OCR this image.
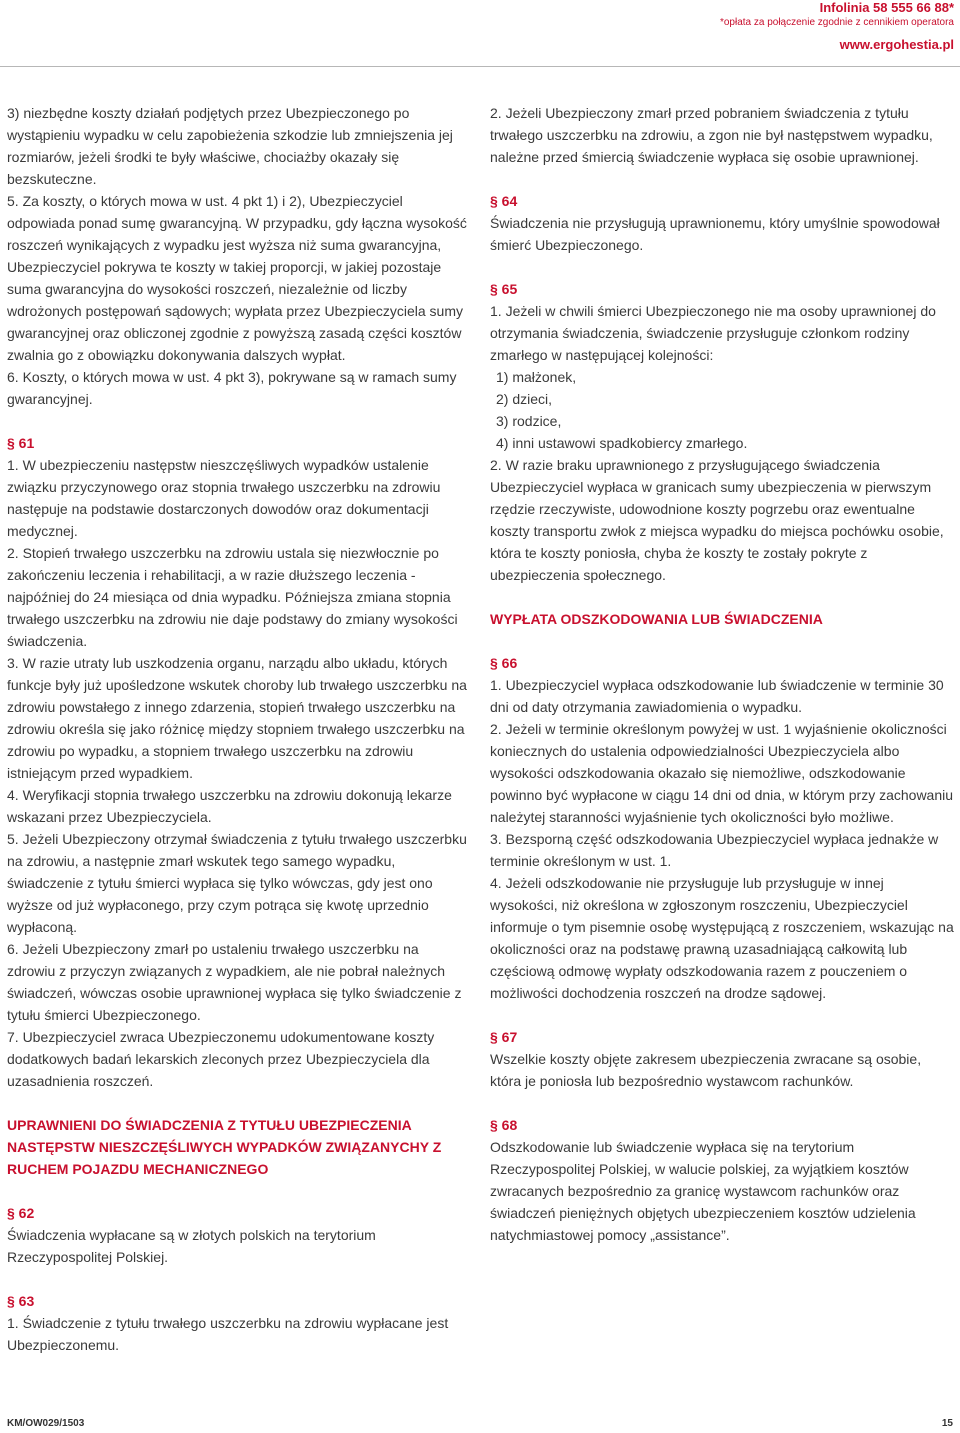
Infolinia 58 555 66 88*
*opłata za połączenie zgodnie z cennikiem operatora
www.ergohestia.pl

3) niezbędne koszty działań podjętych przez Ubezpieczonego po wystąpieniu wypadku w celu zapobieżenia szkodzie lub zmniejszenia jej rozmiarów, jeżeli środki te były właściwe, chociażby okazały się bezskuteczne.

5. Za koszty, o których mowa w ust. 4 pkt 1) i 2), Ubezpieczyciel odpowiada ponad sumę gwarancyjną. W przypadku, gdy łączna wysokość roszczeń wynikających z wypadku jest wyższa niż suma gwarancyjna, Ubezpieczyciel pokrywa te koszty w takiej proporcji, w jakiej pozostaje suma gwarancyjna do wysokości roszczeń, niezależnie od liczby wdrożonych postępowań sądowych; wypłata przez Ubezpieczyciela sumy gwarancyjnej oraz obliczonej zgodnie z powyższą zasadą części kosztów zwalnia go z obowiązku dokonywania dalszych wypłat.

6. Koszty, o których mowa w ust. 4 pkt 3), pokrywane są w ramach sumy gwarancyjnej.

§ 61

1. W ubezpieczeniu następstw nieszczęśliwych wypadków ustalenie związku przyczynowego oraz stopnia trwałego uszczerbku na zdrowiu następuje na podstawie dostarczonych dowodów oraz dokumentacji medycznej.

2. Stopień trwałego uszczerbku na zdrowiu ustala się niezwłocznie po zakończeniu leczenia i rehabilitacji, a w razie dłuższego leczenia - najpóźniej do 24 miesiąca od dnia wypadku. Późniejsza zmiana stopnia trwałego uszczerbku na zdrowiu nie daje podstawy do zmiany wysokości świadczenia.

3. W razie utraty lub uszkodzenia organu, narządu albo układu, których funkcje były już upośledzone wskutek choroby lub trwałego uszczerbku na zdrowiu powstałego z innego zdarzenia, stopień trwałego uszczerbku na zdrowiu określa się jako różnicę między stopniem trwałego uszczerbku na zdrowiu po wypadku, a stopniem trwałego uszczerbku na zdrowiu istniejącym przed wypadkiem.

4. Weryfikacji stopnia trwałego uszczerbku na zdrowiu dokonują lekarze wskazani przez Ubezpieczyciela.

5. Jeżeli Ubezpieczony otrzymał świadczenia z tytułu trwałego uszczerbku na zdrowiu, a następnie zmarł wskutek tego samego wypadku, świadczenie z tytułu śmierci wypłaca się tylko wówczas, gdy jest ono wyższe od już wypłaconego, przy czym potrąca się kwotę uprzednio wypłaconą.

6. Jeżeli Ubezpieczony zmarł po ustaleniu trwałego uszczerbku na zdrowiu z przyczyn związanych z wypadkiem, ale nie pobrał należnych świadczeń, wówczas osobie uprawnionej wypłaca się tylko świadczenie z tytułu śmierci Ubezpieczonego.

7. Ubezpieczyciel zwraca Ubezpieczonemu udokumentowane koszty dodatkowych badań lekarskich zleconych przez Ubezpieczyciela dla uzasadnienia roszczeń.

UPRAWNIENI DO ŚWIADCZENIA Z TYTUŁU UBEZPIECZENIA NASTĘPSTW NIESZCZĘŚLIWYCH WYPADKÓW ZWIĄZANYCHY Z RUCHEM POJAZDU MECHANICZNEGO

§ 62

Świadczenia wypłacane są w złotych polskich na terytorium Rzeczypospolitej Polskiej.

§ 63

1. Świadczenie z tytułu trwałego uszczerbku na zdrowiu wypłacane jest Ubezpieczonemu.

2. Jeżeli Ubezpieczony zmarł przed pobraniem świadczenia z tytułu trwałego uszczerbku na zdrowiu, a zgon nie był następstwem wypadku, należne przed śmiercią świadczenie wypłaca się osobie uprawnionej.

§ 64

Świadczenia nie przysługują uprawnionemu, który umyślnie spowodował śmierć Ubezpieczonego.

§ 65

1. Jeżeli w chwili śmierci Ubezpieczonego nie ma osoby uprawnionej do otrzymania świadczenia, świadczenie przysługuje członkom rodziny zmarłego w następującej kolejności:

1) małżonek,

2) dzieci,

3) rodzice,

4) inni ustawowi spadkobiercy zmarłego.

2. W razie braku uprawnionego z przysługującego świadczenia Ubezpieczyciel wypłaca w granicach sumy ubezpieczenia w pierwszym rzędzie rzeczywiste, udowodnione koszty pogrzebu oraz ewentualne koszty transportu zwłok z miejsca wypadku do miejsca pochówku osobie, która te koszty poniosła, chyba że koszty te zostały pokryte z ubezpieczenia społecznego.

WYPŁATA ODSZKODOWANIA LUB ŚWIADCZENIA

§ 66

1. Ubezpieczyciel wypłaca odszkodowanie lub świadczenie w terminie 30 dni od daty otrzymania zawiadomienia o wypadku.

2. Jeżeli w terminie określonym powyżej w ust. 1 wyjaśnienie okoliczności koniecznych do ustalenia odpowiedzialności Ubezpieczyciela albo wysokości odszkodowania okazało się niemożliwe, odszkodowanie powinno być wypłacone w ciągu 14 dni od dnia, w którym przy zachowaniu należytej staranności wyjaśnienie tych okoliczności było możliwe.

3. Bezsporną część odszkodowania Ubezpieczyciel wypłaca jednakże w terminie określonym w ust. 1.

4. Jeżeli odszkodowanie nie przysługuje lub przysługuje w innej wysokości, niż określona w zgłoszonym roszczeniu, Ubezpieczyciel informuje o tym pisemnie osobę występującą z roszczeniem, wskazując na okoliczności oraz na podstawę prawną uzasadniającą całkowitą lub częściową odmowę wypłaty odszkodowania razem z pouczeniem o możliwości dochodzenia roszczeń na drodze sądowej.

§ 67

Wszelkie koszty objęte zakresem ubezpieczenia zwracane są osobie, która je poniosła lub bezpośrednio wystawcom rachunków.

§ 68

Odszkodowanie lub świadczenie wypłaca się na terytorium Rzeczypospolitej Polskiej, w walucie polskiej, za wyjątkiem kosztów zwracanych bezpośrednio za granicę wystawcom rachunków oraz świadczeń pieniężnych objętych ubezpieczeniem kosztów udzielenia natychmiastowej pomocy „assistance”.

KM/OW029/1503	15
